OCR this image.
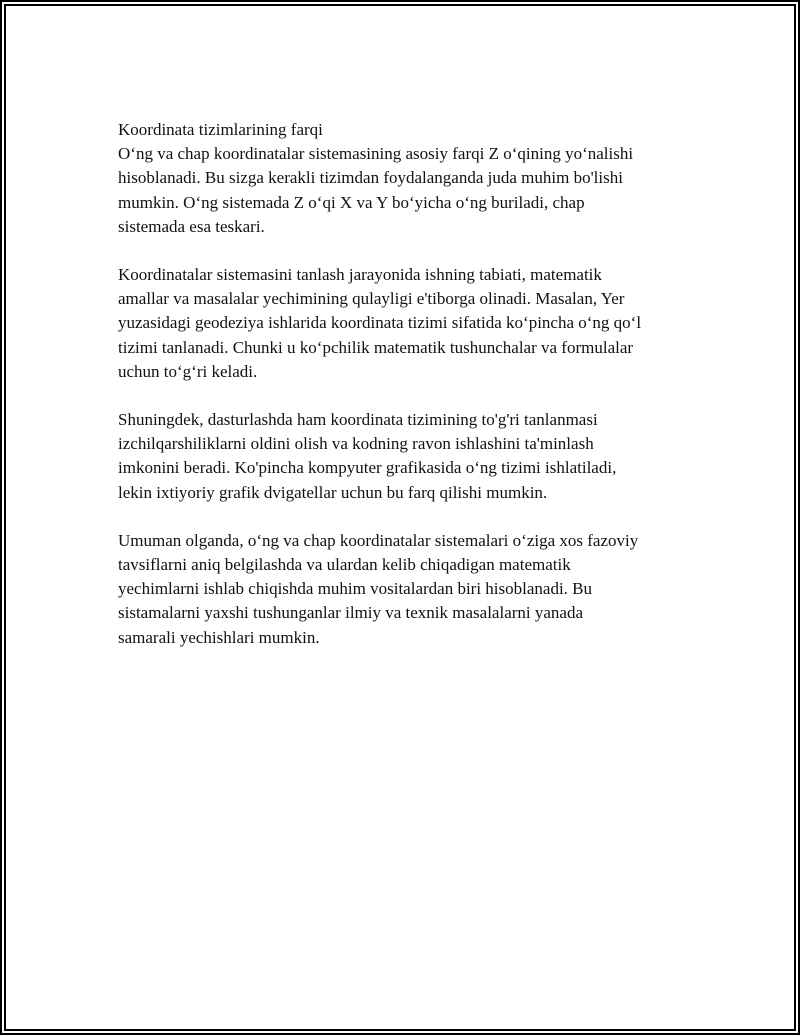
Koordinata tizimlarining farqi

O‘ng va chap koordinatalar sistemasining asosiy farqi Z o‘qining yo‘nalishi
hisoblanadi. Bu sizga kerakli tizimdan foydalanganda juda muhim bo'lishi
mumkin. O‘ng sistemada Z o‘qi X va Y bo‘yicha o‘ng buriladi, chap
sistemada esa teskari.

Koordinatalar sistemasini tanlash jarayonida ishning tabiati, matematik
amallar va masalalar yechimining qulayligi e'tiborga olinadi. Masalan, Yer
yuzasidagi geodeziya ishlarida koordinata tizimi sifatida ko‘pincha o‘ng qo‘l
tizimi tanlanadi. Chunki u ko‘pchilik matematik tushunchalar va formulalar
uchun to‘g‘ri keladi.

Shuningdek, dasturlashda ham koordinata tizimining to'g'ri tanlanmasi
izchilqarshiliklarni oldini olish va kodning ravon ishlashini ta'minlash
imkonini beradi. Ko'pincha kompyuter grafikasida o‘ng tizimi ishlatiladi,
lekin ixtiyoriy grafik dvigatellar uchun bu farq qilishi mumkin.

Umuman olganda, o‘ng va chap koordinatalar sistemalari o‘ziga xos fazoviy
tavsiflarni aniq belgilashda va ulardan kelib chiqadigan matematik
yechimlarni ishlab chiqishda muhim vositalardan biri hisoblanadi. Bu
sistamalarni yaxshi tushunganlar ilmiy va texnik masalalarni yanada
samarali yechishlari mumkin.
